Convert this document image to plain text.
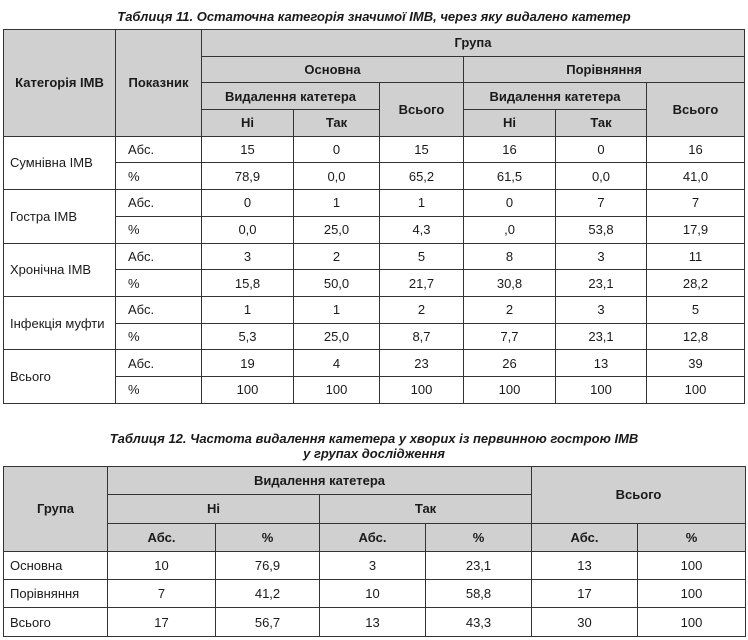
Таблиця 11. Остаточна категорія значимої ІМВ, через яку видалено катетер
Категорія ІМВ	Показник	Група					
		Основна			Порівняння		
		Видалення катетера		Всього	Видалення катетера		Всього
		Ні	Так		Ні	Так	
Сумнівна ІМВ	Абс.	15	0	15	16	0	16
	%	78,9	0,0	65,2	61,5	0,0	41,0
Гостра ІМВ	Абс.	0	1	1	0	7	7
	%	0,0	25,0	4,3	,0	53,8	17,9
Хронічна ІМВ	Абс.	3	2	5	8	3	11
	%	15,8	50,0	21,7	30,8	23,1	28,2
Інфекція муфти	Абс.	1	1	2	2	3	5
	%	5,3	25,0	8,7	7,7	23,1	12,8
Всього	Абс.	19	4	23	26	13	39
	%	100	100	100	100	100	100
Таблиця 12. Частота видалення катетера у хворих із первинною гострою ІМВ
у групах дослідження
Група	Видалення катетера				Всього	
	Ні		Так			
	Абс.	%	Абс.	%	Абс.	%
Основна	10	76,9	3	23,1	13	100
Порівняння	7	41,2	10	58,8	17	100
Всього	17	56,7	13	43,3	30	100
